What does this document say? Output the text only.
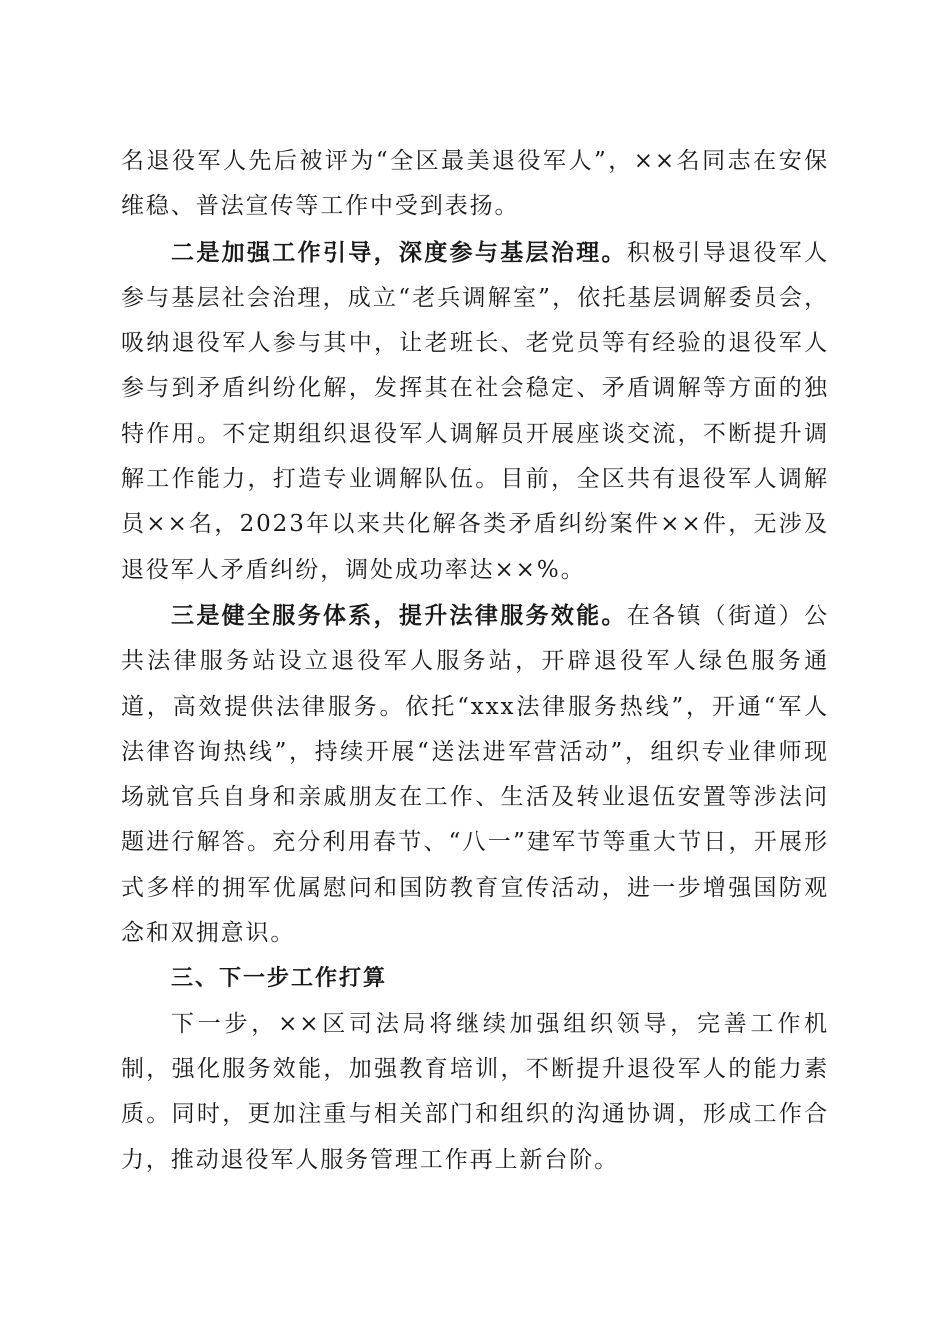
名退役军人先后被评为“全区最美退役军人”，××名同志在安保维稳、普法宣传等工作中受到表扬。

二是加强工作引导，深度参与基层治理。积极引导退役军人参与基层社会治理，成立“老兵调解室”，依托基层调解委员会，吸纳退役军人参与其中，让老班长、老党员等有经验的退役军人参与到矛盾纠纷化解，发挥其在社会稳定、矛盾调解等方面的独特作用。不定期组织退役军人调解员开展座谈交流，不断提升调解工作能力，打造专业调解队伍。目前，全区共有退役军人调解员××名，2023年以来共化解各类矛盾纠纷案件××件，无涉及退役军人矛盾纠纷，调处成功率达××%。

三是健全服务体系，提升法律服务效能。在各镇（街道）公共法律服务站设立退役军人服务站，开辟退役军人绿色服务通道，高效提供法律服务。依托“xxx法律服务热线”，开通“军人法律咨询热线”，持续开展“送法进军营活动”，组织专业律师现场就官兵自身和亲戚朋友在工作、生活及转业退伍安置等涉法问题进行解答。充分利用春节、“八一”建军节等重大节日，开展形式多样的拥军优属慰问和国防教育宣传活动，进一步增强国防观念和双拥意识。

三、下一步工作打算

下一步，××区司法局将继续加强组织领导，完善工作机制，强化服务效能，加强教育培训，不断提升退役军人的能力素质。同时，更加注重与相关部门和组织的沟通协调，形成工作合力，推动退役军人服务管理工作再上新台阶。
